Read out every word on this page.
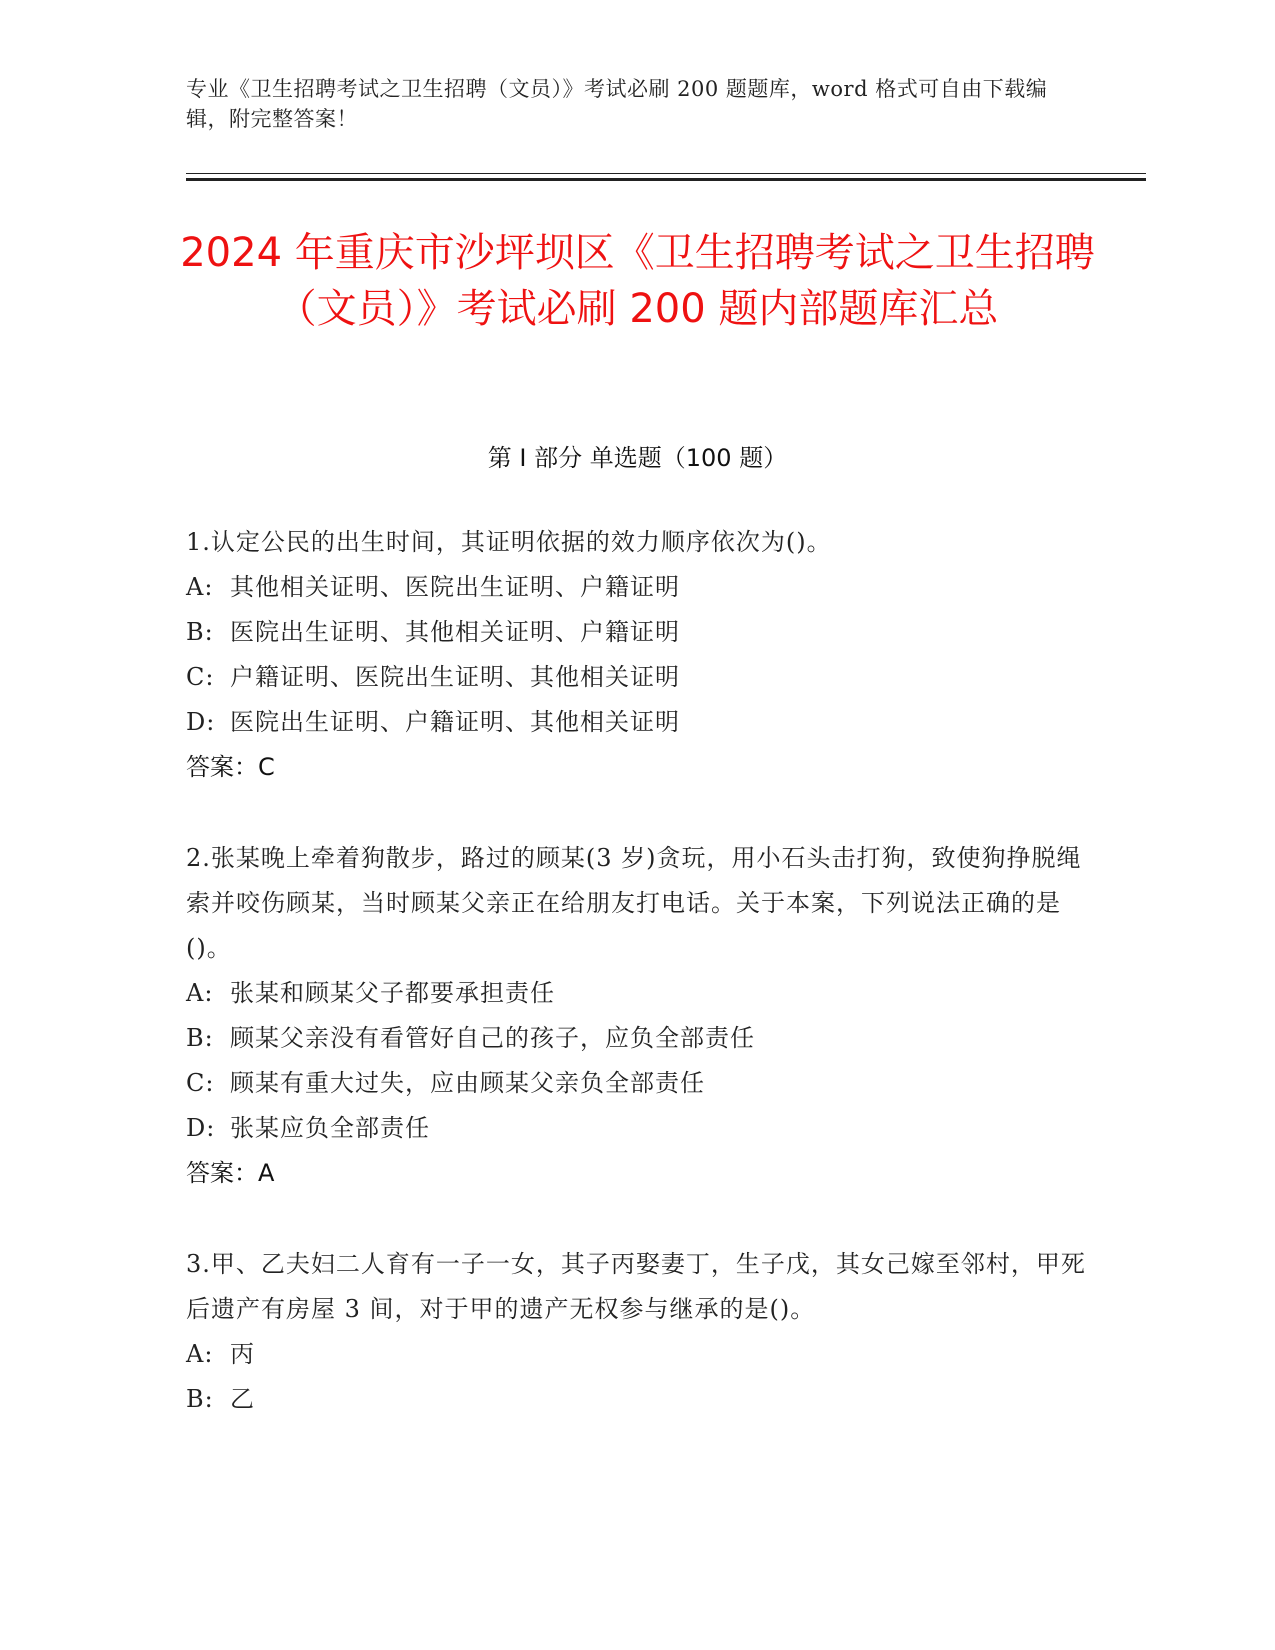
专业《卫生招聘考试之卫生招聘（文员）》考试必刷 200 题题库，word 格式可自由下载编辑，附完整答案！
2024 年重庆市沙坪坝区《卫生招聘考试之卫生招聘（文员）》考试必刷 200 题内部题库汇总
第 I 部分 单选题（100 题）
1.认定公民的出生时间，其证明依据的效力顺序依次为()。
A: 其他相关证明、医院出生证明、户籍证明
B: 医院出生证明、其他相关证明、户籍证明
C: 户籍证明、医院出生证明、其他相关证明
D: 医院出生证明、户籍证明、其他相关证明
答案：C
2.张某晚上牵着狗散步，路过的顾某(3 岁)贪玩，用小石头击打狗，致使狗挣脱绳索并咬伤顾某，当时顾某父亲正在给朋友打电话。关于本案，下列说法正确的是()。
A: 张某和顾某父子都要承担责任
B: 顾某父亲没有看管好自己的孩子，应负全部责任
C: 顾某有重大过失，应由顾某父亲负全部责任
D: 张某应负全部责任
答案：A
3.甲、乙夫妇二人育有一子一女，其子丙娶妻丁，生子戊，其女己嫁至邻村，甲死后遗产有房屋 3 间，对于甲的遗产无权参与继承的是()。
A: 丙
B: 乙
